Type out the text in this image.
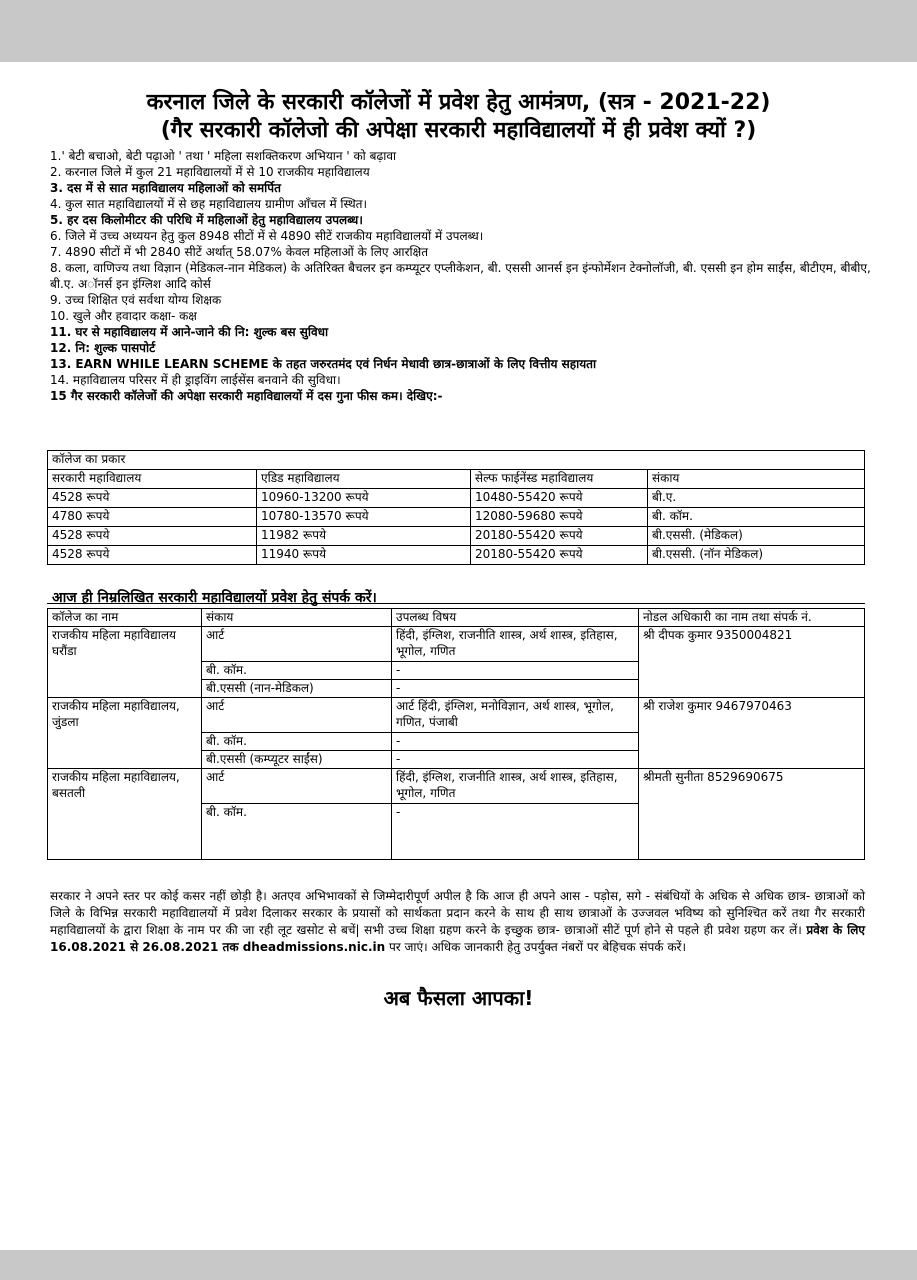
करनाल जिले के सरकारी कॉलेजों में प्रवेश हेतु आमंत्रण, (सत्र - 2021-22)
(गैर सरकारी कॉलेजो की अपेक्षा सरकारी महाविद्यालयों में ही प्रवेश क्यों ?)
1.' बेटी बचाओ, बेटी पढ़ाओ ' तथा ' महिला सशक्तिकरण अभियान ' को बढ़ावा
2. करनाल जिले में कुल 21 महाविद्यालयों में से 10 राजकीय महाविद्यालय
3. दस में से सात महाविद्यालय महिलाओं को समर्पित
4. कुल सात महाविद्यालयों में से छह महाविद्यालय ग्रामीण आँचल में स्थित।
5. हर दस किलोमीटर की परिधि में महिलाओं हेतु महाविद्यालय उपलब्ध।
6. जिले में उच्च अध्ययन हेतु कुल 8948 सीटों में से 4890 सीटें राजकीय महाविद्यालयों में उपलब्ध।
7. 4890 सीटों में भी 2840 सीटें अर्थात् 58.07% केवल महिलाओं के लिए आरक्षित
8. कला, वाणिज्य तथा विज्ञान (मेडिकल-नान मेडिकल) के अतिरिक्त बैचलर इन कम्प्यूटर एप्लीकेशन, बी. एससी आनर्स इन इंन्फोर्मेशन टेक्नोलॉजी, बी. एससी इन होम साईंस, बीटीएम, बीबीए, बी.ए. अॉनर्स इन इंग्लिश आदि कोर्स
9. उच्च शिक्षित एवं सर्वथा योग्य शिक्षक
10. खुले और हवादार कक्षा- कक्ष
11. घर से महाविद्यालय में आने-जाने की नि: शुल्क बस सुविधा
12. नि: शुल्क पासपोर्ट
13. EARN WHILE LEARN SCHEME के तहत जरुरतमंद एवं निर्धन मेधावी छात्र-छात्राओं के लिए वित्तीय सहायता
14. महाविद्यालय परिसर में ही ड्राइविंग लाईसेंस बनवाने की सुविधा।
15 गैर सरकारी कॉलेजों की अपेक्षा सरकारी महाविद्यालयों में दस गुना फीस कम। देखिए:-
कॉलेज का प्रकार			
सरकारी महाविद्यालय	एडिड महाविद्यालय	सेल्फ फाईनेंस्ड महाविद्यालय	संकाय
4528 रूपये	10960-13200 रूपये	10480-55420 रूपये	बी.ए.
4780 रूपये	10780-13570 रूपये	12080-59680 रूपये	बी. कॉम.
4528 रूपये	11982 रूपये	20180-55420 रूपये	बी.एससी. (मेडिकल)
4528 रूपये	11940 रूपये	20180-55420 रूपये	बी.एससी. (नॉन मेडिकल)
आज ही निम्रलिखित सरकारी महाविद्यालयों प्रवेश हेतु संपर्क करें।
कॉलेज का नाम	संकाय	उपलब्ध विषय	नोडल अधिकारी का नाम तथा संपर्क नं.
राजकीय महिला महाविद्यालय घरौंडा	आर्ट	हिंदी, इंग्लिश, राजनीति शास्त्र, अर्थ शास्त्र, इतिहास, भूगोल, गणित	श्री दीपक कुमार 9350004821
	बी. कॉम.	-	
	बी.एससी (नान-मेडिकल)	-	
राजकीय महिला महाविद्यालय, जुंडला	आर्ट	आर्ट हिंदी, इंग्लिश, मनोविज्ञान, अर्थ शास्त्र, भूगोल, गणित, पंजाबी	श्री राजेश कुमार 9467970463
	बी. कॉम.	-	
	बी.एससी (कम्प्यूटर साईंस)	-	
राजकीय महिला महाविद्यालय, बसतली	आर्ट	हिंदी, इंग्लिश, राजनीति शास्त्र, अर्थ शास्त्र, इतिहास, भूगोल, गणित	श्रीमती सुनीता 8529690675
	बी. कॉम.	-	
सरकार ने अपने स्तर पर कोई कसर नहीं छोड़ी है। अतएव अभिभावकों से जिम्मेदारीपूर्ण अपील है कि आज ही अपने आस - पड़ोस, सगे - संबंधियों के अधिक से अधिक छात्र- छात्राओं को जिले के विभिन्न सरकारी महाविद्यालयों में प्रवेश दिलाकर सरकार के प्रयासों को सार्थकता प्रदान करने के साथ ही साथ छात्राओं के उज्जवल भविष्य को सुनिश्चित करें तथा गैर सरकारी महाविद्यालयों के द्वारा शिक्षा के नाम पर की जा रही लूट खसोट से बचें| सभी उच्च शिक्षा ग्रहण करने के इच्छुक छात्र- छात्राओं सीटें पूर्ण होने से पहले ही प्रवेश ग्रहण कर लें। प्रवेश के लिए 16.08.2021 से 26.08.2021 तक dheadmissions.nic.in पर जाएं। अधिक जानकारी हेतु उपर्युक्त नंबरों पर बेहिचक संपर्क करें।
अब फैसला आपका!
